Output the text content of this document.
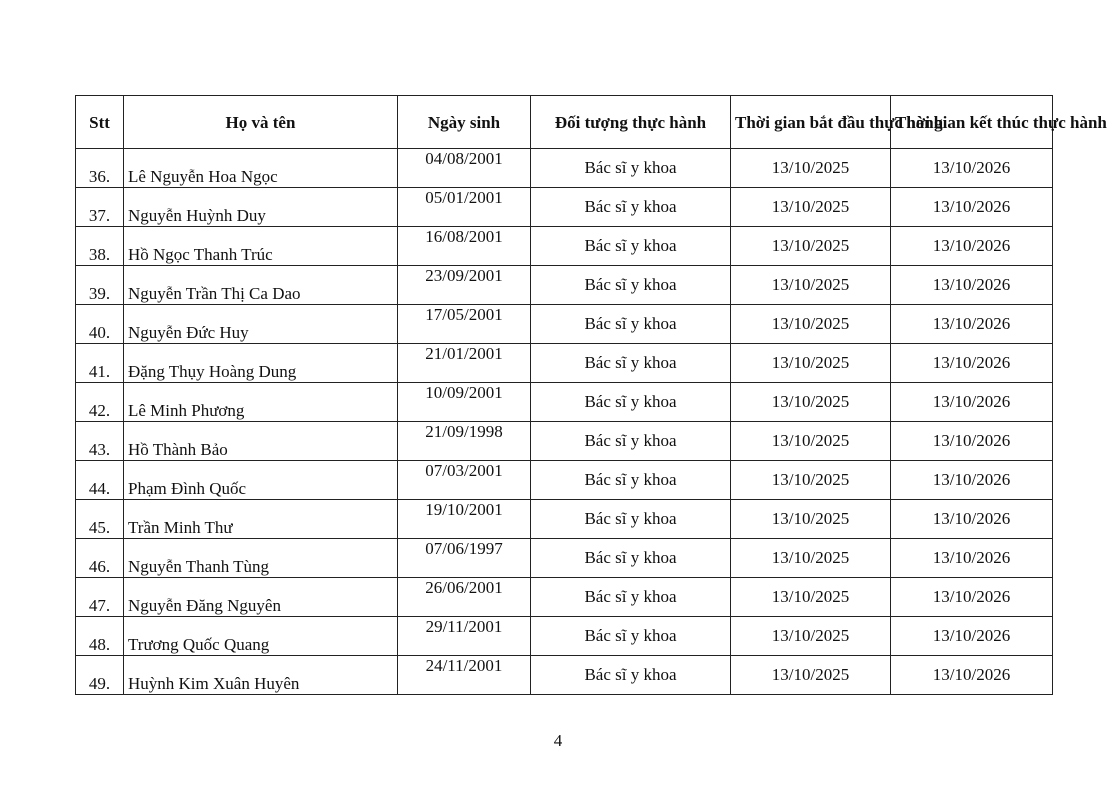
Stt	Họ và tên	Ngày sinh	Đối tượng thực hành	Thời gian bắt đầu thực hành	Thời gian kết thúc thực hành
36.	Lê Nguyễn Hoa Ngọc	04/08/2001	Bác sĩ y khoa	13/10/2025	13/10/2026
37.	Nguyễn Huỳnh Duy	05/01/2001	Bác sĩ y khoa	13/10/2025	13/10/2026
38.	Hồ Ngọc Thanh Trúc	16/08/2001	Bác sĩ y khoa	13/10/2025	13/10/2026
39.	Nguyễn Trần Thị Ca Dao	23/09/2001	Bác sĩ y khoa	13/10/2025	13/10/2026
40.	Nguyễn Đức Huy	17/05/2001	Bác sĩ y khoa	13/10/2025	13/10/2026
41.	Đặng Thụy Hoàng Dung	21/01/2001	Bác sĩ y khoa	13/10/2025	13/10/2026
42.	Lê Minh Phương	10/09/2001	Bác sĩ y khoa	13/10/2025	13/10/2026
43.	Hồ Thành Bảo	21/09/1998	Bác sĩ y khoa	13/10/2025	13/10/2026
44.	Phạm Đình Quốc	07/03/2001	Bác sĩ y khoa	13/10/2025	13/10/2026
45.	Trần Minh Thư	19/10/2001	Bác sĩ y khoa	13/10/2025	13/10/2026
46.	Nguyễn Thanh Tùng	07/06/1997	Bác sĩ y khoa	13/10/2025	13/10/2026
47.	Nguyễn Đăng Nguyên	26/06/2001	Bác sĩ y khoa	13/10/2025	13/10/2026
48.	Trương Quốc Quang	29/11/2001	Bác sĩ y khoa	13/10/2025	13/10/2026
49.	Huỳnh Kim Xuân Huyên	24/11/2001	Bác sĩ y khoa	13/10/2025	13/10/2026
4
